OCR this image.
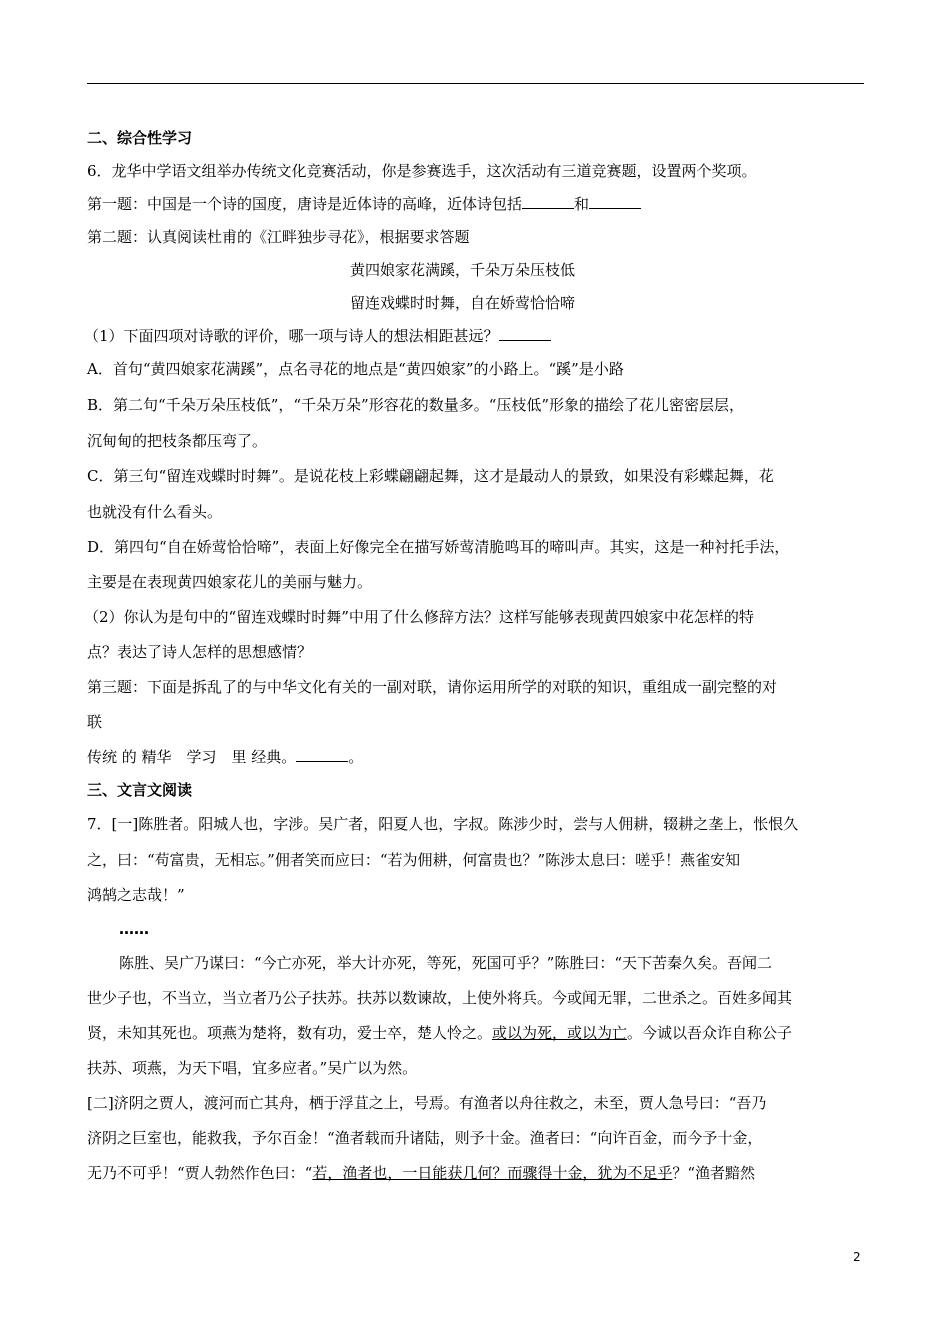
二、综合性学习
6．龙华中学语文组举办传统文化竞赛活动，你是参赛选手，这次活动有三道竞赛题，设置两个奖项。
第一题：中国是一个诗的国度，唐诗是近体诗的高峰，近体诗包括	和
第二题：认真阅读杜甫的《江畔独步寻花》，根据要求答题
黄四娘家花满蹊，千朵万朵压枝低
留连戏蝶时时舞，自在娇莺恰恰啼
（1）下面四项对诗歌的评价，哪一项与诗人的想法相距甚远？
A．首句“黄四娘家花满蹊”，点名寻花的地点是“黄四娘家”的小路上。“蹊”是小路
B．第二句“千朵万朵压枝低”，“千朵万朵”形容花的数量多。“压枝低”形象的描绘了花儿密密层层，
沉甸甸的把枝条都压弯了。
C．第三句“留连戏蝶时时舞”。是说花枝上彩蝶翩翩起舞，这才是最动人的景致，如果没有彩蝶起舞，花
也就没有什么看头。
D．第四句“自在娇莺恰恰啼”，表面上好像完全在描写娇莺清脆鸣耳的啼叫声。其实，这是一种衬托手法，
主要是在表现黄四娘家花儿的美丽与魅力。
（2）你认为是句中的“留连戏蝶时时舞”中用了什么修辞方法？这样写能够表现黄四娘家中花怎样的特
点？表达了诗人怎样的思想感情？
第三题：下面是拆乱了的与中华文化有关的一副对联，请你运用所学的对联的知识，重组成一副完整的对
联
传统 的 精华　学习　里 经典。	。
三、文言文阅读
7．[一]陈胜者。阳城人也，字涉。吴广者，阳夏人也，字叔。陈涉少时，尝与人佣耕，辍耕之垄上，怅恨久
之，曰：“苟富贵，无相忘。”佣者笑而应曰：“若为佣耕，何富贵也？”陈涉太息曰：嗟乎！燕雀安知
鸿鹄之志哉！”
……
陈胜、吴广乃谋曰：“今亡亦死，举大计亦死，等死，死国可乎？”陈胜曰：“天下苦秦久矣。吾闻二
世少子也，不当立，当立者乃公子扶苏。扶苏以数谏故，上使外将兵。今或闻无罪，二世杀之。百姓多闻其
贤，未知其死也。项燕为楚将，数有功，爱士卒，楚人怜之。或以为死，或以为亡。今诚以吾众诈自称公子
扶苏、项燕，为天下唱，宜多应者。”吴广以为然。
[二]济阴之贾人，渡河而亡其舟，栖于浮苴之上，号焉。有渔者以舟往救之，未至，贾人急号曰：“吾乃
济阴之巨室也，能救我，予尔百金！“渔者载而升诸陆，则予十金。渔者曰：“向许百金，而今予十金，
无乃不可乎！“贾人勃然作色曰：“若，渔者也，一日能获几何？而骤得十金，犹为不足乎？“渔者黯然
2
